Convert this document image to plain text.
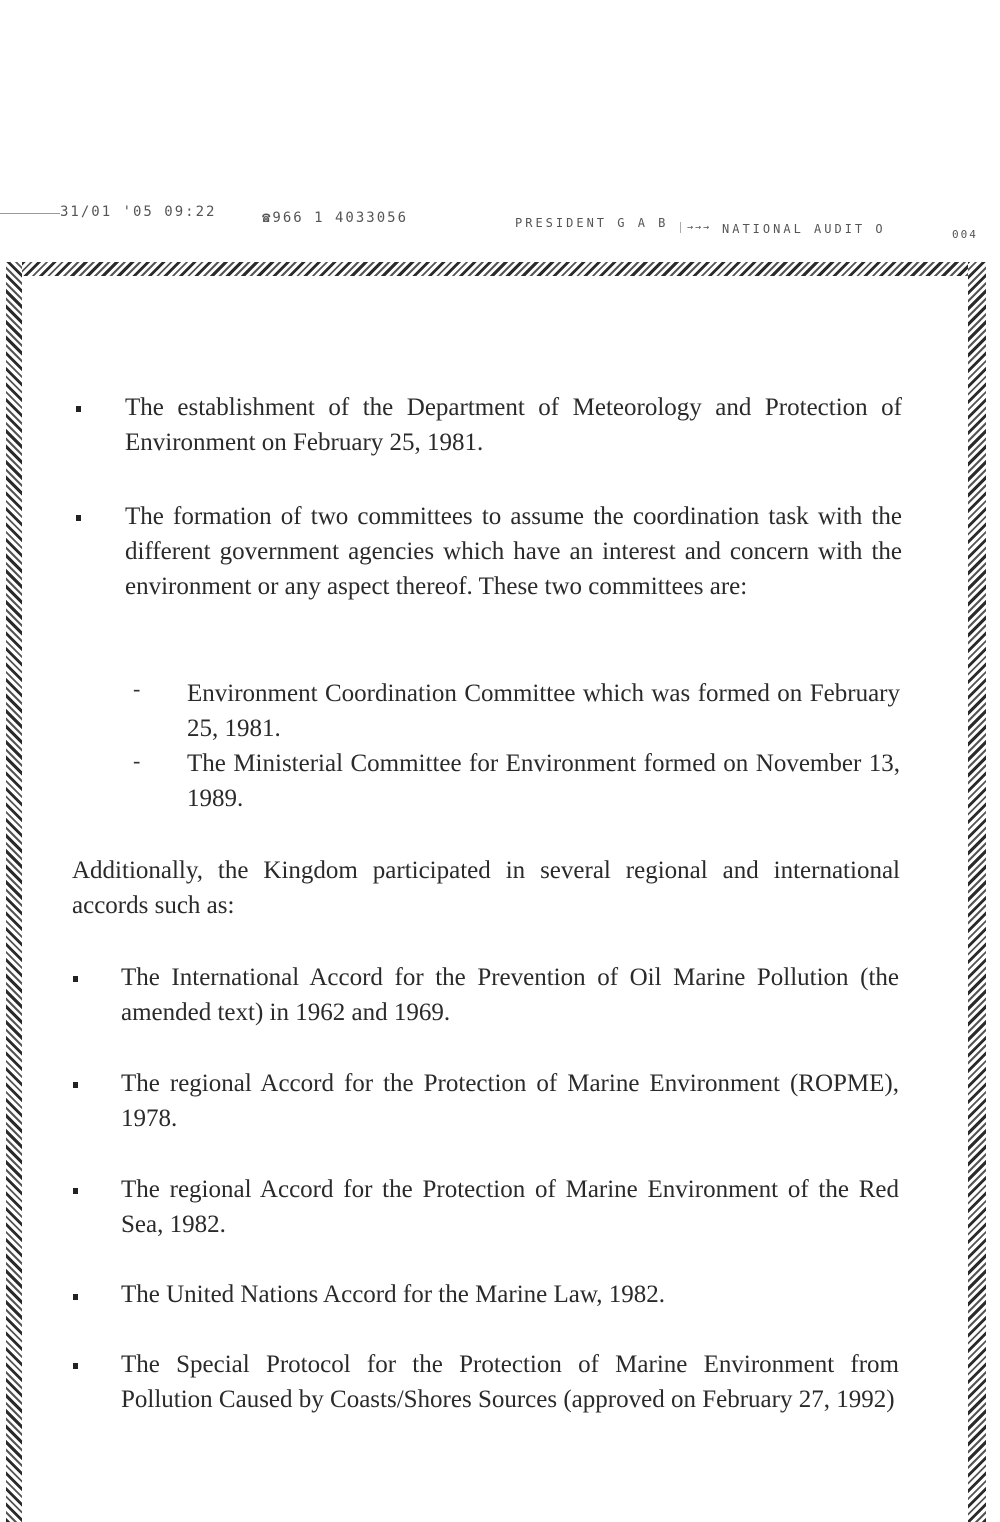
31/01 '05 09:22	☎966 1 4033056	PRESIDENT G A B	→→→ NATIONAL AUDIT O	004

The establishment of the Department of Meteorology and Protection of Environment on February 25, 1981.

The formation of two committees to assume the coordination task with the different government agencies which have an interest and concern with the environment or any aspect thereof. These two committees are:

- Environment Coordination Committee which was formed on February 25, 1981.

- The Ministerial Committee for Environment formed on November 13, 1989.

Additionally, the Kingdom participated in several regional and international accords such as:

The International Accord for the Prevention of Oil Marine Pollution (the amended text) in 1962 and 1969.

The regional Accord for the Protection of Marine Environment (ROPME), 1978.

The regional Accord for the Protection of Marine Environment of the Red Sea, 1982.

The United Nations Accord for the Marine Law, 1982.

The Special Protocol for the Protection of Marine Environment from Pollution Caused by Coasts/Shores Sources (approved on February 27, 1992)
